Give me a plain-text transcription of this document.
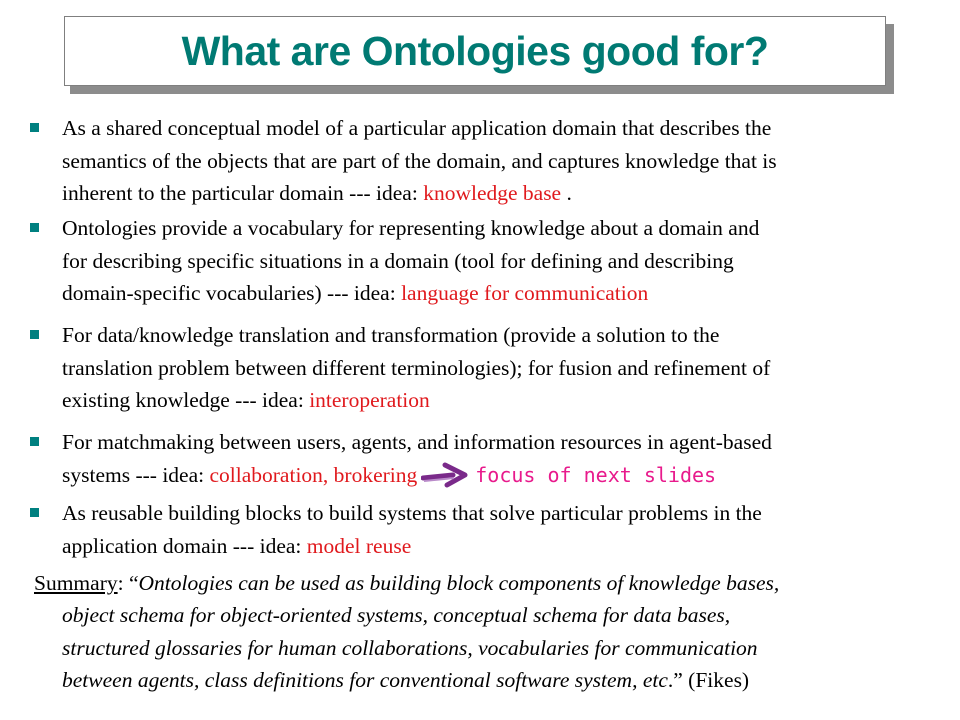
What are Ontologies good for?
As a shared conceptual model of a particular application domain that describes the
semantics of the objects that are part of the domain, and captures knowledge that is
inherent to the particular domain --- idea: knowledge base .
Ontologies provide a vocabulary for representing knowledge about a domain and
for describing specific situations in a domain (tool for defining and describing
domain-specific vocabularies) --- idea: language for communication
For data/knowledge translation and transformation (provide a solution to the
translation problem between different terminologies); for fusion and refinement of
existing knowledge --- idea: interoperation
For matchmaking between users, agents, and information resources in agent-based
systems --- idea: collaboration, brokering	focus of next slides
As reusable building blocks to build systems that solve particular problems in the
application domain --- idea: model reuse
Summary: “Ontologies can be used as building block components of knowledge bases,
object schema for object-oriented systems, conceptual schema for data bases,
structured glossaries for human collaborations, vocabularies for communication
between agents, class definitions for conventional software system, etc.” (Fikes)
